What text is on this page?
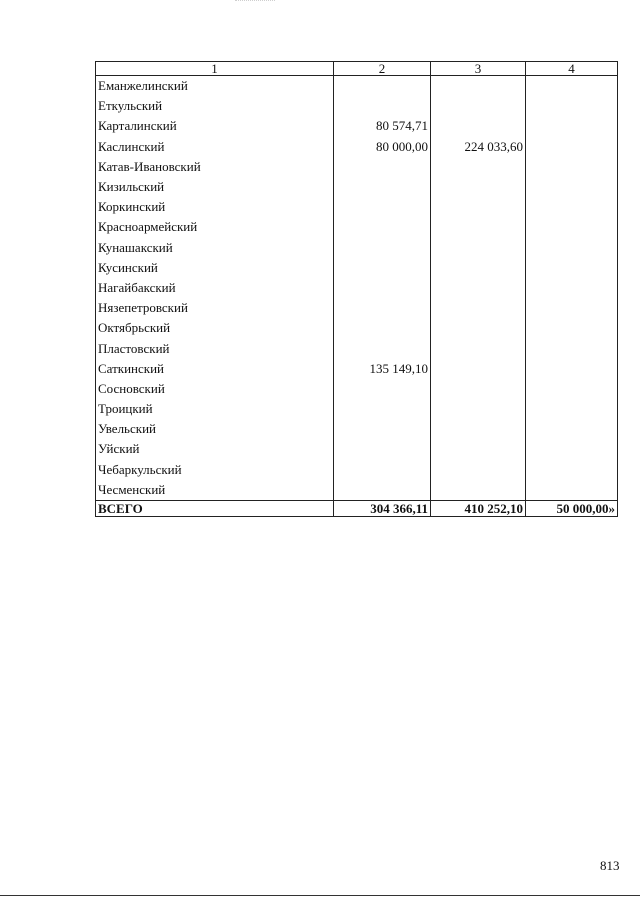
1	2	3	4
Еманжелинский			
Еткульский			
Карталинский	80 574,71		
Каслинский	80 000,00	224 033,60	
Катав-Ивановский			
Кизильский			
Коркинский			
Красноармейский			
Кунашакский			
Кусинский			
Нагайбакский			
Нязепетровский			
Октябрьский			
Пластовский			
Саткинский	135 149,10		
Сосновский			
Троицкий			
Увельский			
Уйский			
Чебаркульский			
Чесменский			
ВСЕГО	304 366,11	410 252,10	50 000,00»
813
